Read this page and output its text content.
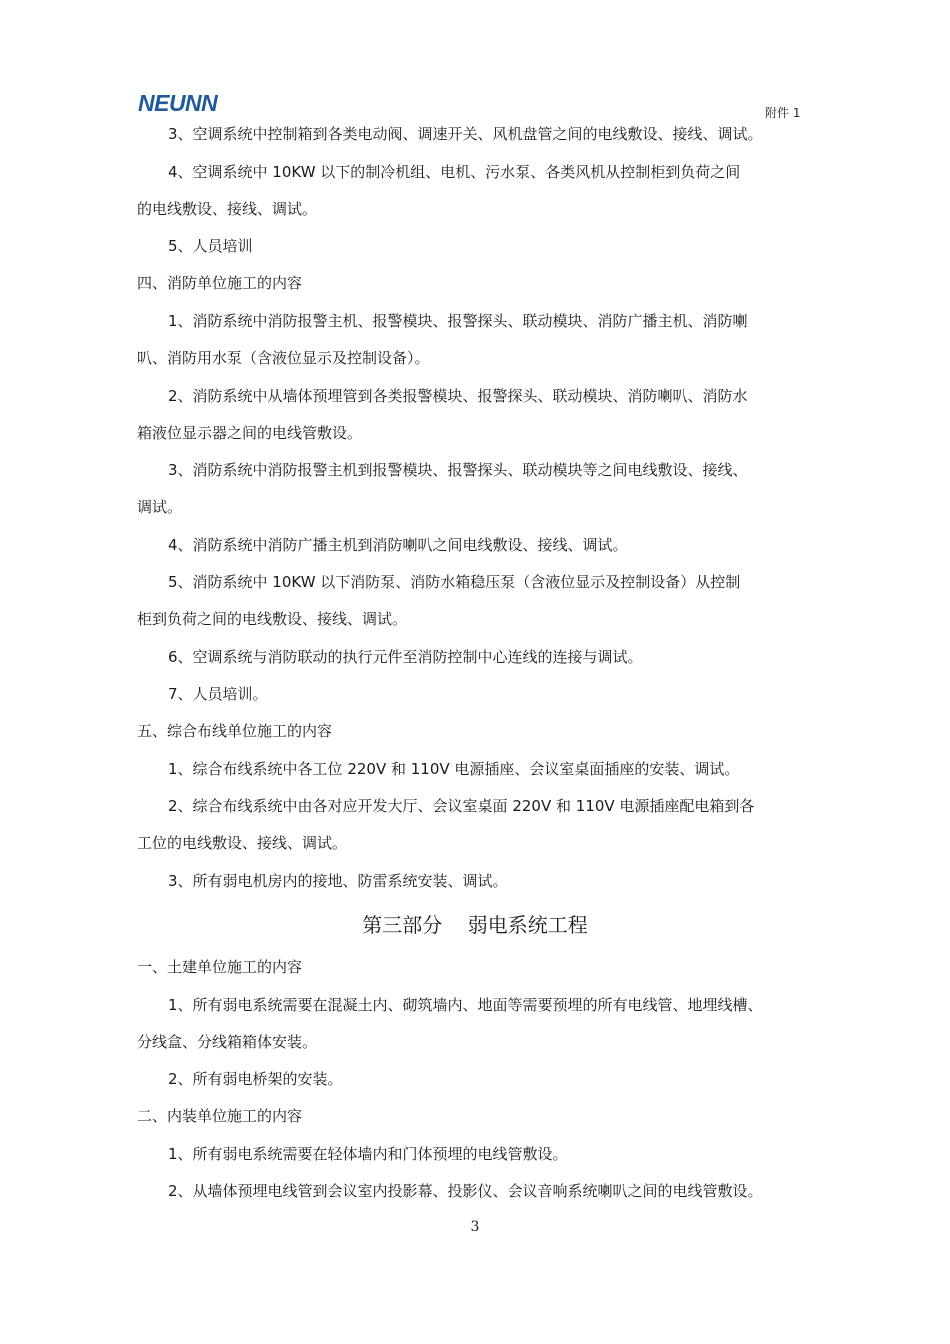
NEUNN	附件 1
3、空调系统中控制箱到各类电动阀、调速开关、风机盘管之间的电线敷设、接线、调试。
4、空调系统中 10KW 以下的制冷机组、电机、污水泵、各类风机从控制柜到负荷之间
的电线敷设、接线、调试。
5、人员培训
四、消防单位施工的内容
1、消防系统中消防报警主机、报警模块、报警探头、联动模块、消防广播主机、消防喇
叭、消防用水泵（含液位显示及控制设备）。
2、消防系统中从墙体预埋管到各类报警模块、报警探头、联动模块、消防喇叭、消防水
箱液位显示器之间的电线管敷设。
3、消防系统中消防报警主机到报警模块、报警探头、联动模块等之间电线敷设、接线、
调试。
4、消防系统中消防广播主机到消防喇叭之间电线敷设、接线、调试。
5、消防系统中 10KW 以下消防泵、消防水箱稳压泵（含液位显示及控制设备）从控制
柜到负荷之间的电线敷设、接线、调试。
6、空调系统与消防联动的执行元件至消防控制中心连线的连接与调试。
7、人员培训。
五、综合布线单位施工的内容
1、综合布线系统中各工位 220V 和 110V 电源插座、会议室桌面插座的安装、调试。
2、综合布线系统中由各对应开发大厅、会议室桌面 220V 和 110V 电源插座配电箱到各
工位的电线敷设、接线、调试。
3、所有弱电机房内的接地、防雷系统安装、调试。
第三部分    弱电系统工程
一、土建单位施工的内容
1、所有弱电系统需要在混凝土内、砌筑墙内、地面等需要预埋的所有电线管、地埋线槽、
分线盒、分线箱箱体安装。
2、所有弱电桥架的安装。
二、内装单位施工的内容
1、所有弱电系统需要在轻体墙内和门体预埋的电线管敷设。
2、从墙体预埋电线管到会议室内投影幕、投影仪、会议音响系统喇叭之间的电线管敷设。
3
